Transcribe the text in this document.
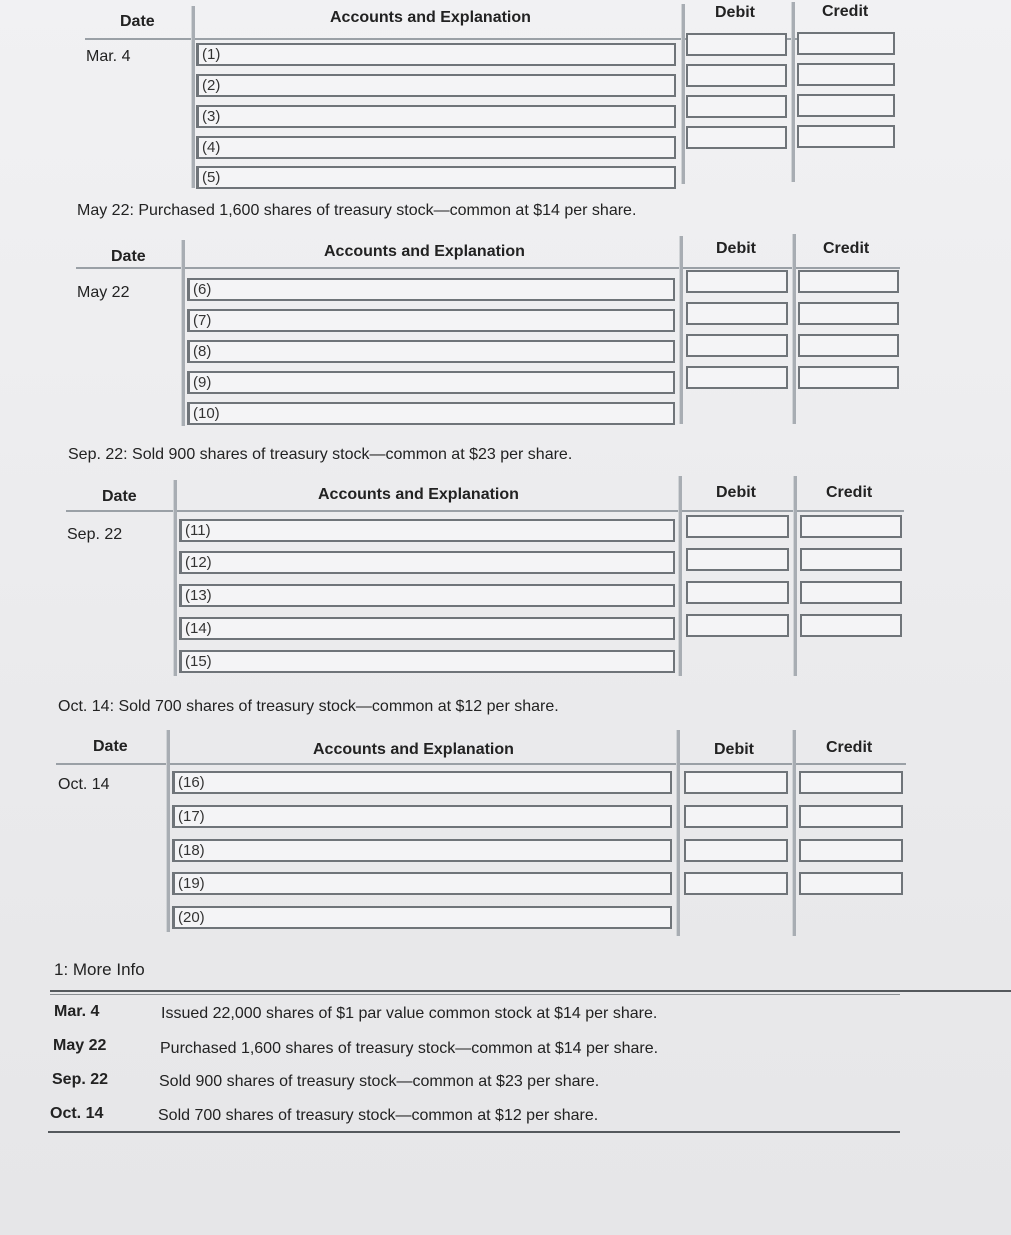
Date	Accounts and Explanation	Debit	Credit
Mar. 4	(1)
(2)
(3)
(4)
(5)
May 22: Purchased 1,600 shares of treasury stock—common at $14 per share.
Date	Accounts and Explanation	Debit	Credit
May 22	(6)
(7)
(8)
(9)
(10)
Sep. 22: Sold 900 shares of treasury stock—common at $23 per share.
Date	Accounts and Explanation	Debit	Credit
Sep. 22	(11)
(12)
(13)
(14)
(15)
Oct. 14: Sold 700 shares of treasury stock—common at $12 per share.
Date	Accounts and Explanation	Debit	Credit
Oct. 14	(16)
(17)
(18)
(19)
(20)
1: More Info
Mar. 4	Issued 22,000 shares of $1 par value common stock at $14 per share.
May 22	Purchased 1,600 shares of treasury stock—common at $14 per share.
Sep. 22	Sold 900 shares of treasury stock—common at $23 per share.
Oct. 14	Sold 700 shares of treasury stock—common at $12 per share.
